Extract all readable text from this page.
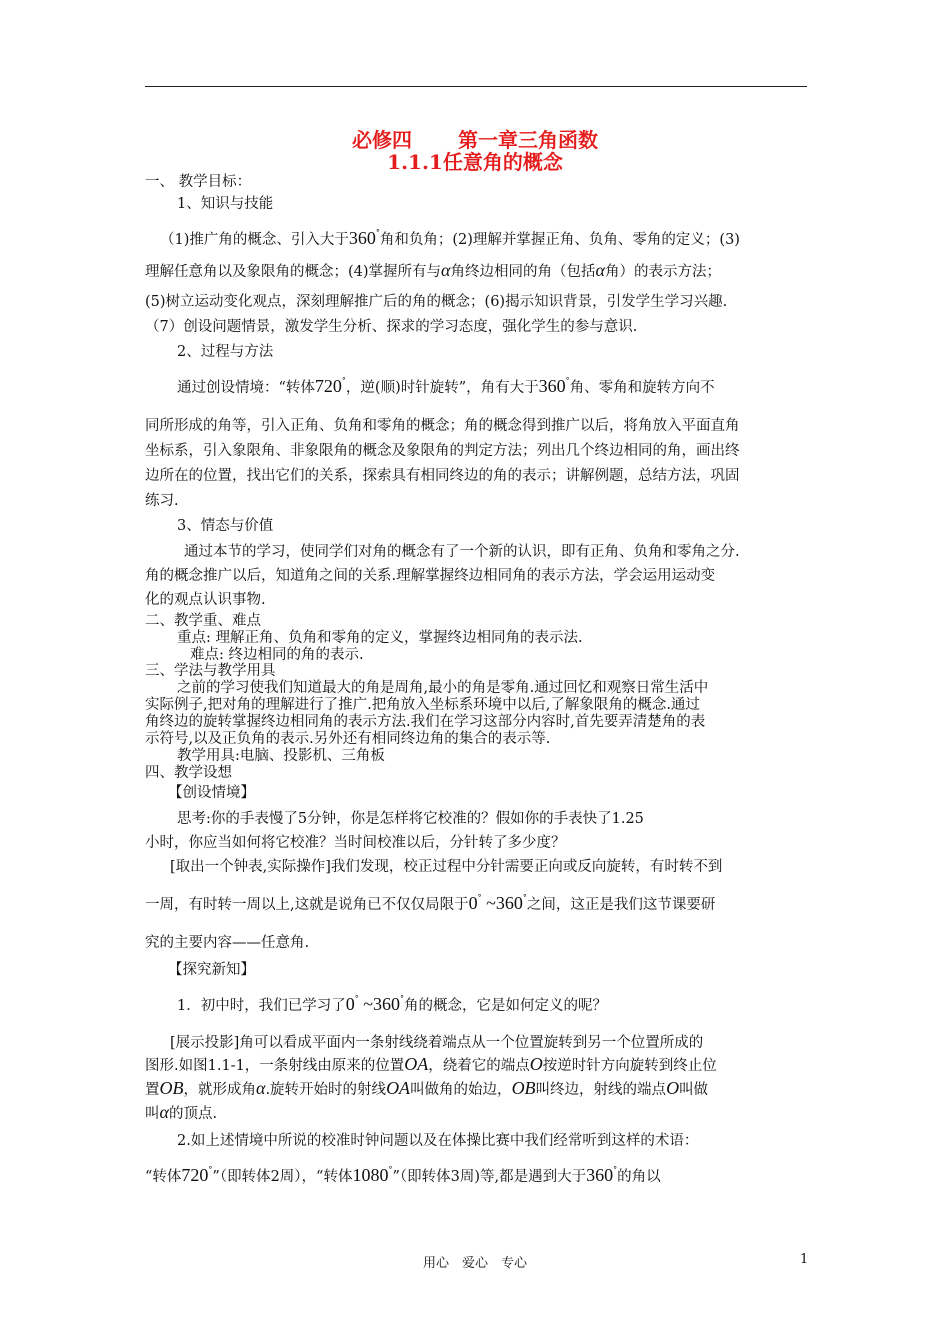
必修四 第一章三角函数
1.1.1任意角的概念
一、 教学目标：
1、知识与技能
（1)推广角的概念、引入大于360°角和负角；(2)理解并掌握正角、负角、零角的定义；(3)
理解任意角以及象限角的概念；(4)掌握所有与α角终边相同的角（包括α角）的表示方法；
(5)树立运动变化观点，深刻理解推广后的角的概念；(6)揭示知识背景，引发学生学习兴趣.
（7）创设问题情景，激发学生分析、探求的学习态度，强化学生的参与意识.
2、过程与方法
通过创设情境：“转体720°，逆(顺)时针旋转”，角有大于360°角、零角和旋转方向不
同所形成的角等，引入正角、负角和零角的概念；角的概念得到推广以后，将角放入平面直角
坐标系，引入象限角、非象限角的概念及象限角的判定方法；列出几个终边相同的角，画出终
边所在的位置，找出它们的关系，探索具有相同终边的角的表示；讲解例题，总结方法，巩固
练习.
3、情态与价值
通过本节的学习，使同学们对角的概念有了一个新的认识，即有正角、负角和零角之分.
角的概念推广以后，知道角之间的关系.理解掌握终边相同角的表示方法，学会运用运动变
化的观点认识事物.
二、教学重、难点
重点: 理解正角、负角和零角的定义，掌握终边相同角的表示法.
难点: 终边相同的角的表示.
三、学法与教学用具
之前的学习使我们知道最大的角是周角,最小的角是零角.通过回忆和观察日常生活中
实际例子,把对角的理解进行了推广.把角放入坐标系环境中以后,了解象限角的概念.通过
角终边的旋转掌握终边相同角的表示方法.我们在学习这部分内容时,首先要弄清楚角的表
示符号,以及正负角的表示.另外还有相同终边角的集合的表示等.
教学用具:电脑、投影机、三角板
四、教学设想
【创设情境】
思考:你的手表慢了5分钟，你是怎样将它校准的？假如你的手表快了1.25
小时，你应当如何将它校准？当时间校准以后，分针转了多少度？
[取出一个钟表,实际操作]我们发现，校正过程中分针需要正向或反向旋转，有时转不到
一周，有时转一周以上,这就是说角已不仅仅局限于0° ~360°之间，这正是我们这节课要研
究的主要内容——任意角.
【探究新知】
1．初中时，我们已学习了0° ~360°角的概念，它是如何定义的呢？
[展示投影]角可以看成平面内一条射线绕着端点从一个位置旋转到另一个位置所成的
图形.如图1.1-1，一条射线由原来的位置OA，绕着它的端点O按逆时针方向旋转到终止位
置OB，就形成角α.旋转开始时的射线OA叫做角的始边，OB叫终边，射线的端点O叫做
叫α的顶点.
2.如上述情境中所说的校准时钟问题以及在体操比赛中我们经常听到这样的术语：
“转体720°”（即转体2周），“转体1080°”（即转体3周)等,都是遇到大于360°的角以
用心　爱心　专心	1
